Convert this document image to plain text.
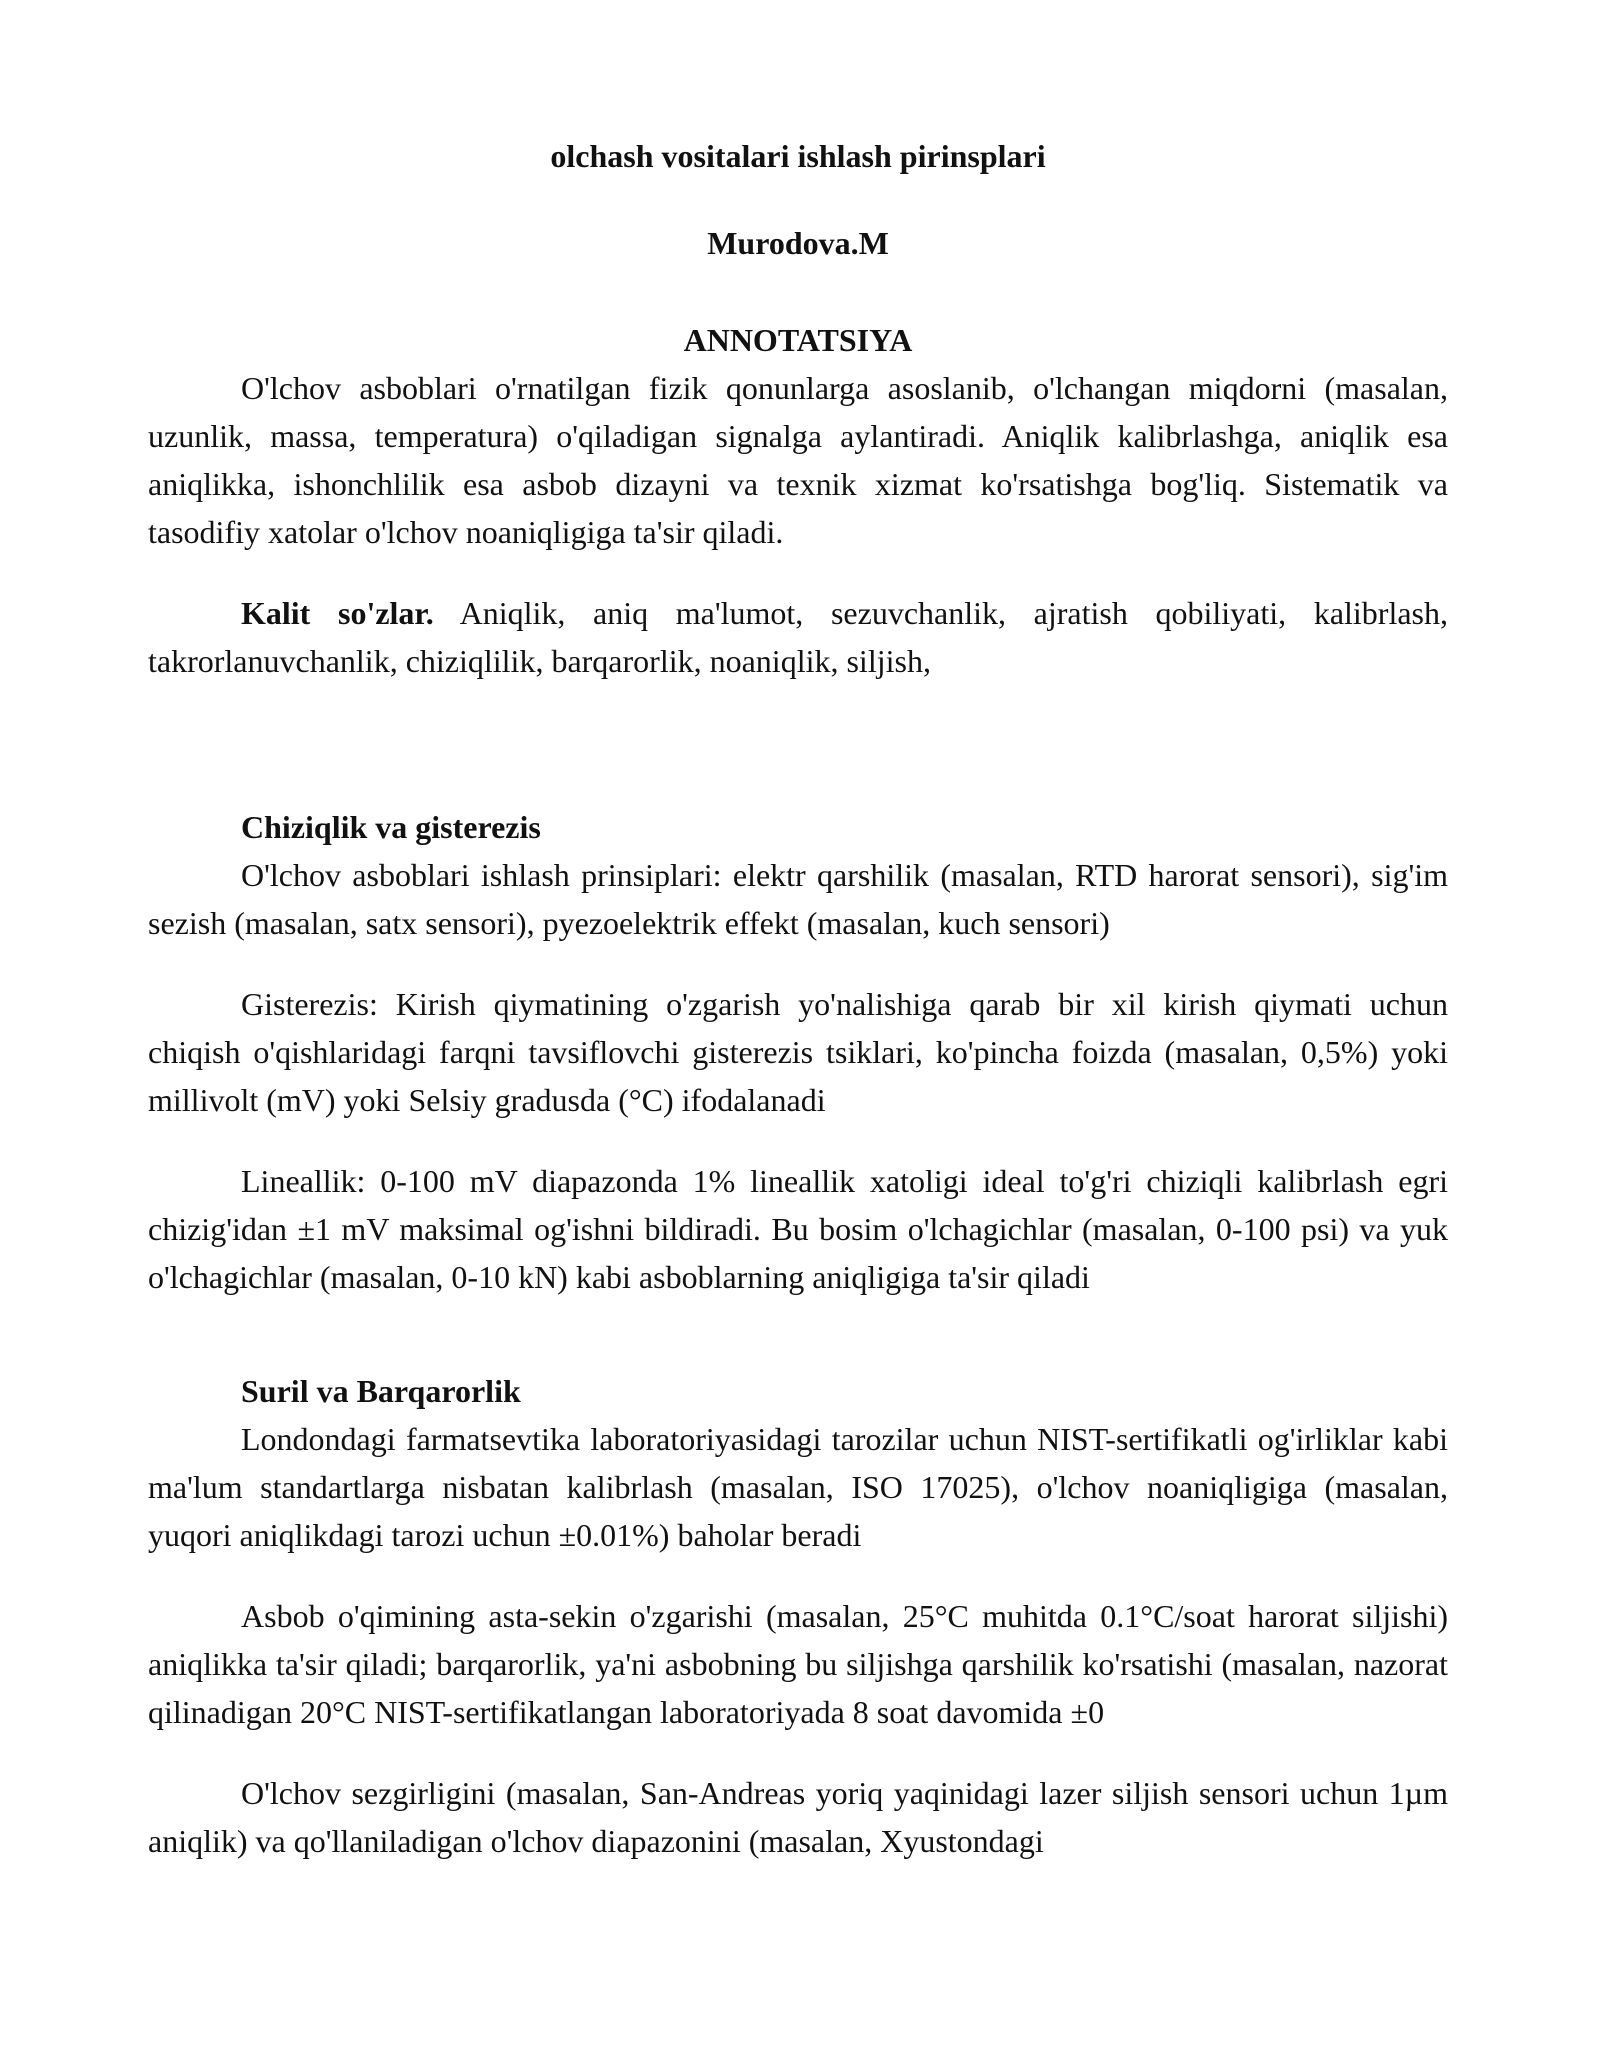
olchash vositalari ishlash pirinsplari
Murodova.M
ANNOTATSIYA

O'lchov asboblari o'rnatilgan fizik qonunlarga asoslanib, o'lchangan miqdorni (masalan, uzunlik, massa, temperatura) o'qiladigan signalga aylantiradi. Aniqlik kalibrlashga, aniqlik esa aniqlikka, ishonchlilik esa asbob dizayni va texnik xizmat ko'rsatishga bog'liq. Sistematik va tasodifiy xatolar o'lchov noaniqligiga ta'sir qiladi.

Kalit so'zlar. Aniqlik, aniq ma'lumot, sezuvchanlik, ajratish qobiliyati, kalibrlash, takrorlanuvchanlik, chiziqlilik, barqarorlik, noaniqlik, siljish,

Chiziqlik va gisterezis

O'lchov asboblari ishlash prinsiplari: elektr qarshilik (masalan, RTD harorat sensori), sig'im sezish (masalan, satx sensori), pyezoelektrik effekt (masalan, kuch sensori)

Gisterezis: Kirish qiymatining o'zgarish yo'nalishiga qarab bir xil kirish qiymati uchun chiqish o'qishlaridagi farqni tavsiflovchi gisterezis tsiklari, ko'pincha foizda (masalan, 0,5%) yoki millivolt (mV) yoki Selsiy gradusda (°C) ifodalanadi

Lineallik: 0-100 mV diapazonda 1% lineallik xatoligi ideal to'g'ri chiziqli kalibrlash egri chizig'idan ±1 mV maksimal og'ishni bildiradi. Bu bosim o'lchagichlar (masalan, 0-100 psi) va yuk o'lchagichlar (masalan, 0-10 kN) kabi asboblarning aniqligiga ta'sir qiladi

Suril va Barqarorlik

Londondagi farmatsevtika laboratoriyasidagi tarozilar uchun NIST-sertifikatli og'irliklar kabi ma'lum standartlarga nisbatan kalibrlash (masalan, ISO 17025), o'lchov noaniqligiga (masalan, yuqori aniqlikdagi tarozi uchun ±0.01%) baholar beradi

Asbob o'qimining asta-sekin o'zgarishi (masalan, 25°C muhitda 0.1°C/soat harorat siljishi) aniqlikka ta'sir qiladi; barqarorlik, ya'ni asbobning bu siljishga qarshilik ko'rsatishi (masalan, nazorat qilinadigan 20°C NIST-sertifikatlangan laboratoriyada 8 soat davomida ±0

O'lchov sezgirligini (masalan, San-Andreas yoriq yaqinidagi lazer siljish sensori uchun 1µm aniqlik) va qo'llaniladigan o'lchov diapazonini (masalan, Xyustondagi
